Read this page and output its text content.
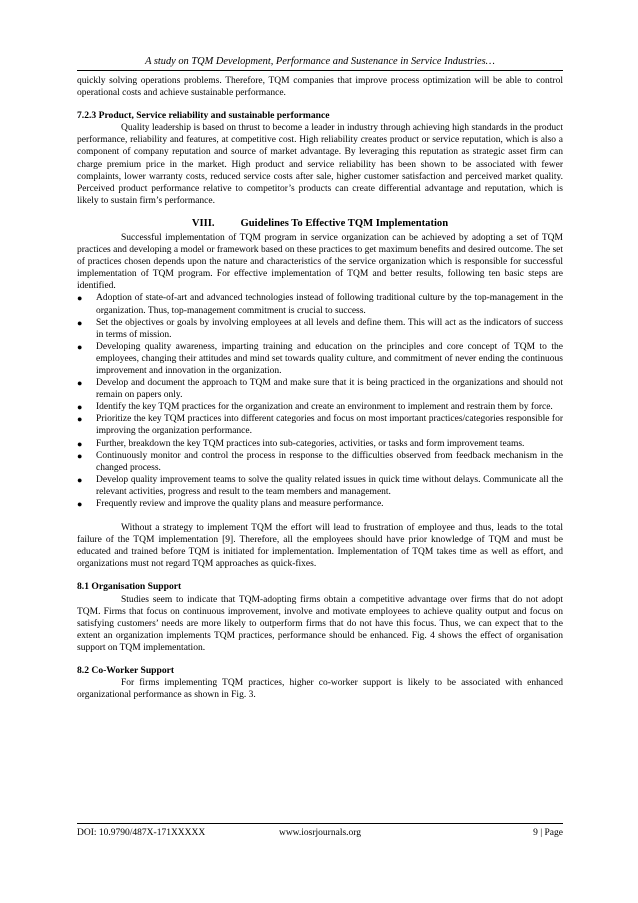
A study on TQM Development, Performance and Sustenance in Service Industries…

quickly solving operations problems. Therefore, TQM companies that improve process optimization will be able to control operational costs and achieve sustainable performance.

7.2.3 Product, Service reliability and sustainable performance

Quality leadership is based on thrust to become a leader in industry through achieving high standards in the product performance, reliability and features, at competitive cost. High reliability creates product or service reputation, which is also a component of company reputation and source of market advantage. By leveraging this reputation as strategic asset firm can charge premium price in the market. High product and service reliability has been shown to be associated with fewer complaints, lower warranty costs, reduced service costs after sale, higher customer satisfaction and perceived market quality. Perceived product performance relative to competitor’s products can create differential advantage and reputation, which is likely to sustain firm’s performance.

VIII. Guidelines To Effective TQM Implementation

Successful implementation of TQM program in service organization can be achieved by adopting a set of TQM practices and developing a model or framework based on these practices to get maximum benefits and desired outcome. The set of practices chosen depends upon the nature and characteristics of the service organization which is responsible for successful implementation of TQM program. For effective implementation of TQM and better results, following ten basic steps are identified.

● Adoption of state-of-art and advanced technologies instead of following traditional culture by the top-management in the organization. Thus, top-management commitment is crucial to success.
● Set the objectives or goals by involving employees at all levels and define them. This will act as the indicators of success in terms of mission.
● Developing quality awareness, imparting training and education on the principles and core concept of TQM to the employees, changing their attitudes and mind set towards quality culture, and commitment of never ending the continuous improvement and innovation in the organization.
● Develop and document the approach to TQM and make sure that it is being practiced in the organizations and should not remain on papers only.
● Identify the key TQM practices for the organization and create an environment to implement and restrain them by force.
● Prioritize the key TQM practices into different categories and focus on most important practices/categories responsible for improving the organization performance.
● Further, breakdown the key TQM practices into sub-categories, activities, or tasks and form improvement teams.
● Continuously monitor and control the process in response to the difficulties observed from feedback mechanism in the changed process.
● Develop quality improvement teams to solve the quality related issues in quick time without delays. Communicate all the relevant activities, progress and result to the team members and management.
● Frequently review and improve the quality plans and measure performance.

Without a strategy to implement TQM the effort will lead to frustration of employee and thus, leads to the total failure of the TQM implementation [9]. Therefore, all the employees should have prior knowledge of TQM and must be educated and trained before TQM is initiated for implementation. Implementation of TQM takes time as well as effort, and organizations must not regard TQM approaches as quick-fixes.

8.1 Organisation Support

Studies seem to indicate that TQM-adopting firms obtain a competitive advantage over firms that do not adopt TQM. Firms that focus on continuous improvement, involve and motivate employees to achieve quality output and focus on satisfying customers’ needs are more likely to outperform firms that do not have this focus. Thus, we can expect that to the extent an organization implements TQM practices, performance should be enhanced. Fig. 4 shows the effect of organisation support on TQM implementation.

8.2 Co-Worker Support

For firms implementing TQM practices, higher co-worker support is likely to be associated with enhanced organizational performance as shown in Fig. 3.

DOI: 10.9790/487X-171XXXXX	www.iosrjournals.org	9 | Page
